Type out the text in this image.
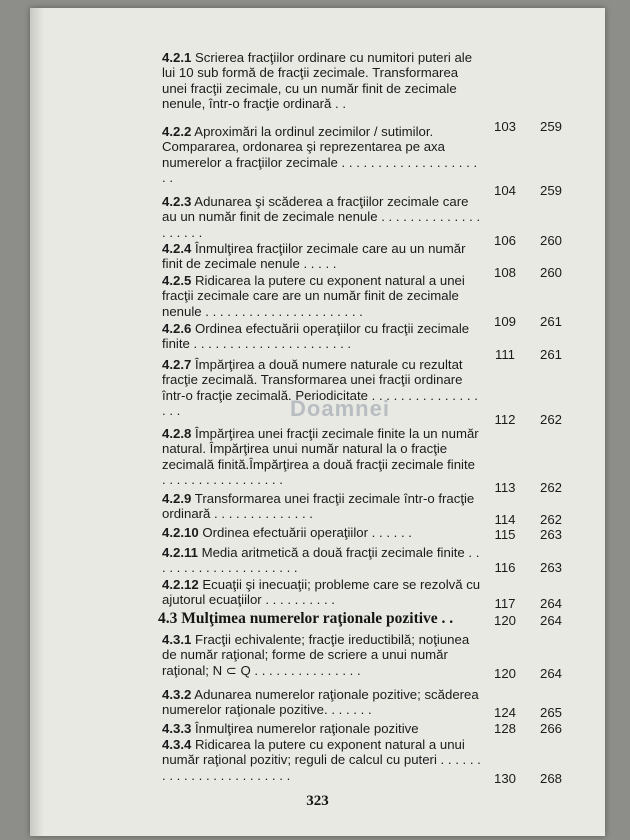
Doamnei
4.2.1 Scrierea fracţiilor ordinare cu numitori puteri ale lui 10 sub formă de fracţii zecimale. Transformarea unei fracţii zecimale, cu un număr finit de zecimale nenule, într-o fracţie ordinară . .
103	259
4.2.2 Aproximări la ordinul zecimilor / sutimilor. Compararea, ordonarea şi reprezentarea pe axa numerelor a fracţiilor zecimale . . . . . . . . . . . . . . . . . . . . .
104	259
4.2.3 Adunarea şi scăderea a fracţiilor zecimale care au un număr finit de zecimale nenule . . . . . . . . . . . . . . . . . . . .
106	260
4.2.4 Înmulţirea fracţiilor zecimale care au un număr finit de zecimale nenule . . . . .
108	260
4.2.5 Ridicarea la putere cu exponent natural a unei fracţii zecimale care are un număr finit de zecimale nenule . . . . . . . . . . . . . . . . . . . . . .
109	261
4.2.6 Ordinea efectuării operaţiilor cu fracţii zecimale finite . . . . . . . . . . . . . . . . . . . . . .
111	261
4.2.7 Împărţirea a două numere naturale cu rezultat fracţie zecimală. Transformarea unei fracţii ordinare într-o fracţie zecimală. Periodicitate . . . . . . . . . . . . . . . . . .
112	262
4.2.8 Împărţirea unei fracţii zecimale finite la un număr natural. Împărţirea unui număr natural la o fracţie zecimală finită.Împărţirea a două fracţii zecimale finite . . . . . . . . . . . . . . . . .
113	262
4.2.9 Transformarea unei fracţii zecimale într-o fracţie ordinară . . . . . . . . . . . . . .	114	262
4.2.10 Ordinea efectuării operaţiilor . . . . . .	115	263
4.2.11 Media aritmetică a două fracţii zecimale finite . . . . . . . . . . . . . . . . . . . . .	116	263
4.2.12 Ecuaţii şi inecuaţii; probleme care se rezolvă cu ajutorul ecuaţiilor . . . . . . . . . .	117	264
4.3 Mulţimea numerelor raţionale pozitive . .	120	264
4.3.1 Fracţii echivalente; fracţie ireductibilă; noţiunea de număr raţional; forme de scriere a unui număr raţional; N ⊂ Q . . . . . . . . . . . . . . .	120	264
4.3.2 Adunarea numerelor raţionale pozitive; scăderea numerelor raţionale pozitive. . . . . . .	124	265
4.3.3 Înmulţirea numerelor raţionale pozitive	128	266
4.3.4 Ridicarea la putere cu exponent natural a unui număr raţional pozitiv; reguli de calcul cu puteri . . . . . . . . . . . . . . . . . . . . . . . .	130	268
323
